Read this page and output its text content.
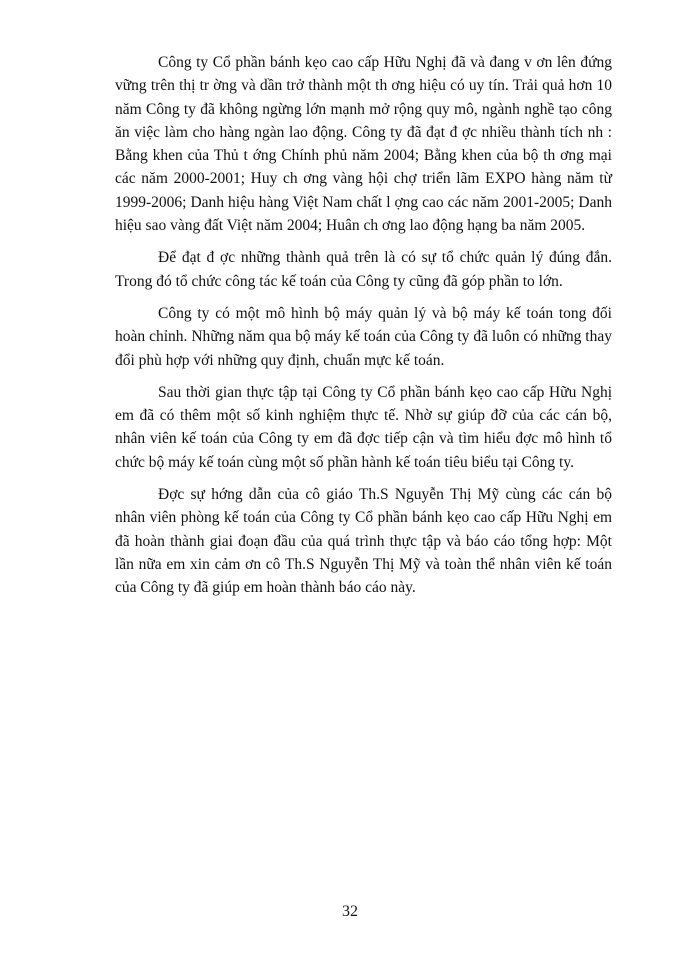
Công ty Cổ phần bánh kẹo cao cấp Hữu Nghị đã và đang v ơn lên đứng vững trên thị tr ờng và dần trở thành một th ơng hiệu có uy tín. Trải quả hơn 10 năm Công ty đã không ngừng lớn mạnh mở rộng quy mô, ngành nghề tạo công ăn việc làm cho hàng ngàn lao động. Công ty đã đạt đ ợc nhiều thành tích nh : Bằng khen của Thủ t ớng Chính phủ năm 2004; Bằng khen của bộ th ơng mại các năm 2000-2001; Huy ch ơng vàng hội chợ triển lãm EXPO hàng năm từ 1999-2006; Danh hiệu hàng Việt Nam chất l ợng cao các năm 2001-2005; Danh hiệu sao vàng đất Việt năm 2004; Huân ch ơng lao động hạng ba năm 2005.

Để đạt đ ợc những thành quả trên là có sự tổ chức quản lý đúng đắn. Trong đó tổ chức công tác kế toán của Công ty cũng đã góp phần to lớn.

Công ty có một mô hình bộ máy quản lý và bộ máy kế toán tong đối hoàn chỉnh. Những năm qua bộ máy kế toán của Công ty đã luôn có những thay đổi phù hợp với những quy định, chuẩn mực kế toán.

Sau thời gian thực tập tại Công ty Cổ phần bánh kẹo cao cấp Hữu Nghị em đã có thêm một số kinh nghiệm thực tế. Nhờ sự giúp đỡ của các cán bộ, nhân viên kế toán của Công ty em đã đợc tiếp cận và tìm hiểu đợc mô hình tổ chức bộ máy kế toán cùng một số phần hành kế toán tiêu biểu tại Công ty.

Đợc sự hớng dẫn của cô giáo Th.S Nguyễn Thị Mỹ cùng các cán bộ nhân viên phòng kế toán của Công ty Cổ phần bánh kẹo cao cấp Hữu Nghị em đã hoàn thành giai đoạn đầu của quá trình thực tập và báo cáo tổng hợp: Một lần nữa em xin cảm ơn cô Th.S Nguyễn Thị Mỹ và toàn thể nhân viên kế toán của Công ty đã giúp em hoàn thành báo cáo này.

32
